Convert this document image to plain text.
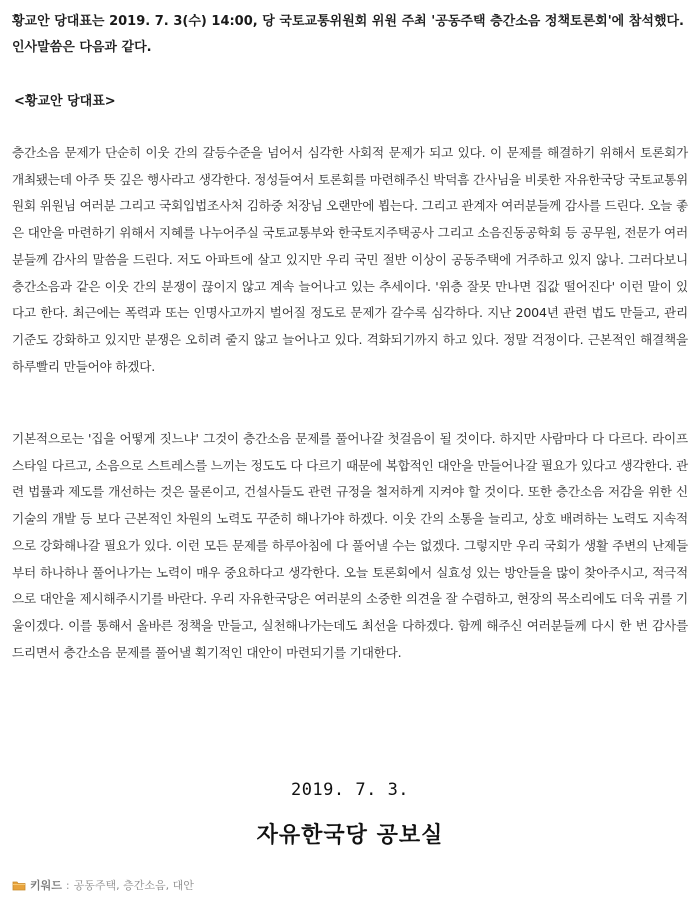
황교안 당대표는 2019. 7. 3(수) 14:00, 당 국토교통위원회 위원 주최 '공동주택 층간소음 정책토론회'에 참석했다. 인사말씀은 다음과 같다.
<황교안 당대표>
층간소음 문제가 단순히 이웃 간의 갈등수준을 넘어서 심각한 사회적 문제가 되고 있다. 이 문제를 해결하기 위해서 토론회가 개최됐는데 아주 뜻 깊은 행사라고 생각한다. 정성들여서 토론회를 마련해주신 박덕흠 간사님을 비롯한 자유한국당 국토교통위원회 위원님 여러분 그리고 국회입법조사처 김하중 처장님 오랜만에 뵙는다. 그리고 관계자 여러분들께 감사를 드린다. 오늘 좋은 대안을 마련하기 위해서 지혜를 나누어주실 국토교통부와 한국토지주택공사 그리고 소음진동공학회 등 공무원, 전문가 여러분들께 감사의 말씀을 드린다. 저도 아파트에 살고 있지만 우리 국민 절반 이상이 공동주택에 거주하고 있지 않나. 그러다보니 층간소음과 같은 이웃 간의 분쟁이 끊이지 않고 계속 늘어나고 있는 추세이다. '위층 잘못 만나면 집값 떨어진다' 이런 말이 있다고 한다. 최근에는 폭력과 또는 인명사고까지 벌어질 정도로 문제가 갈수록 심각하다. 지난 2004년 관련 법도 만들고, 관리기준도 강화하고 있지만 분쟁은 오히려 줄지 않고 늘어나고 있다. 격화되기까지 하고 있다. 정말 걱정이다. 근본적인 해결책을 하루빨리 만들어야 하겠다.
기본적으로는 '집을 어떻게 짓느냐' 그것이 층간소음 문제를 풀어나갈 첫걸음이 될 것이다. 하지만 사람마다 다 다르다. 라이프스타일 다르고, 소음으로 스트레스를 느끼는 정도도 다 다르기 때문에 복합적인 대안을 만들어나갈 필요가 있다고 생각한다. 관련 법률과 제도를 개선하는 것은 물론이고, 건설사들도 관련 규정을 철저하게 지켜야 할 것이다. 또한 층간소음 저감을 위한 신기술의 개발 등 보다 근본적인 차원의 노력도 꾸준히 해나가야 하겠다. 이웃 간의 소통을 늘리고, 상호 배려하는 노력도 지속적으로 강화해나갈 필요가 있다. 이런 모든 문제를 하루아침에 다 풀어낼 수는 없겠다. 그렇지만 우리 국회가 생활 주변의 난제들부터 하나하나 풀어나가는 노력이 매우 중요하다고 생각한다. 오늘 토론회에서 실효성 있는 방안들을 많이 찾아주시고, 적극적으로 대안을 제시해주시기를 바란다. 우리 자유한국당은 여러분의 소중한 의견을 잘 수렴하고, 현장의 목소리에도 더욱 귀를 기울이겠다. 이를 통해서 올바른 정책을 만들고, 실천해나가는데도 최선을 다하겠다. 함께 해주신 여러분들께 다시 한 번 감사를 드리면서 층간소음 문제를 풀어낼 획기적인 대안이 마련되기를 기대한다.
2019. 7. 3.
자유한국당 공보실
키워드 : 공동주택, 층간소음, 대안
